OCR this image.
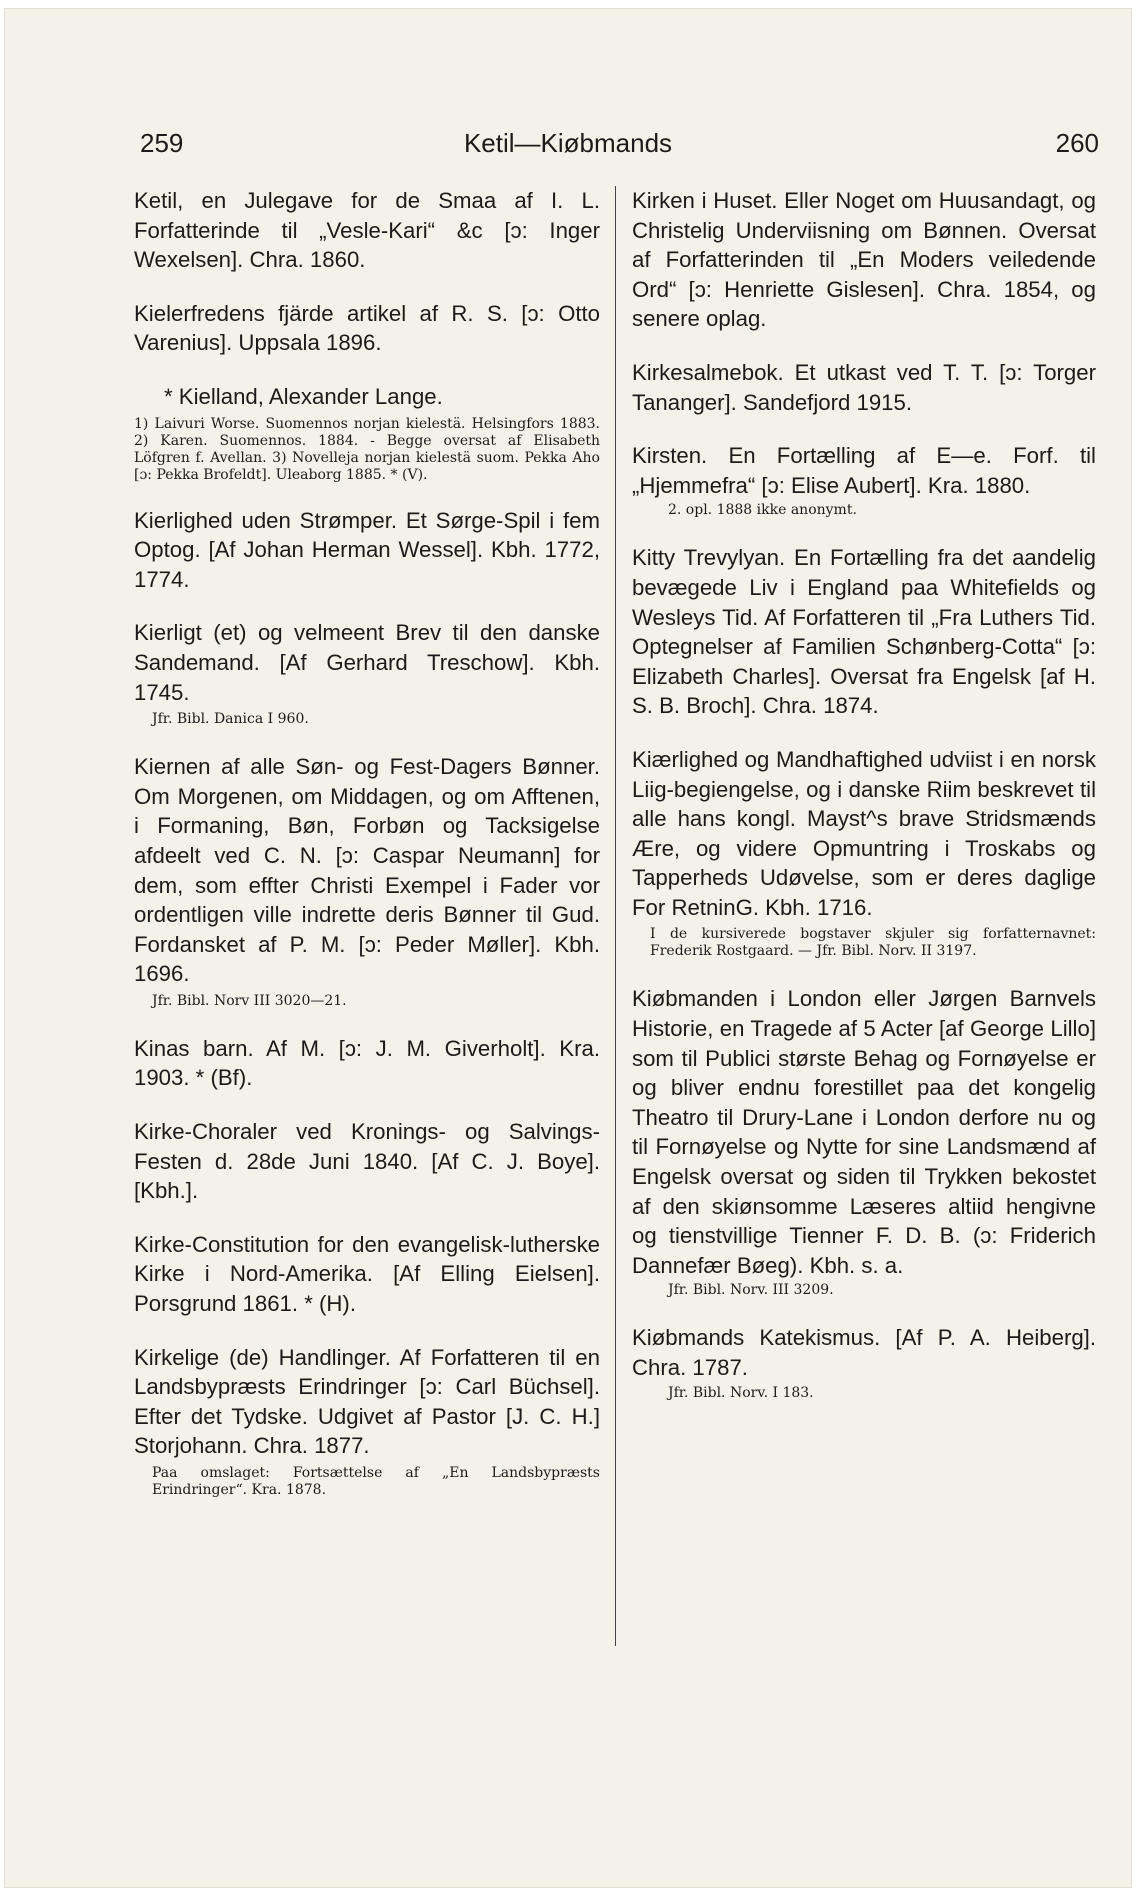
259	Ketil—Kiøbmands	260
Ketil, en Julegave for de Smaa af I. L. Forfatterinde til „Vesle-Kari“ &c [ɔ: Inger Wexelsen]. Chra. 1860.
Kielerfredens fjärde artikel af R. S. [ɔ: Otto Varenius]. Uppsala 1896.
* Kielland, Alexander Lange.
1) Laivuri Worse. Suomennos norjan kielestä. Helsingfors 1883. 2) Karen. Suomennos. 1884. - Begge oversat af Elisabeth Löfgren f. Avellan. 3) Novelleja norjan kielestä suom. Pekka Aho [ɔ: Pekka Brofeldt]. Uleaborg 1885. * (V).
Kierlighed uden Strømper. Et Sørge-Spil i fem Optog. [Af Johan Herman Wessel]. Kbh. 1772, 1774.
Kierligt (et) og velmeent Brev til den danske Sandemand. [Af Gerhard Treschow]. Kbh. 1745.
Jfr. Bibl. Danica I 960.
Kiernen af alle Søn- og Fest-Dagers Bønner. Om Morgenen, om Middagen, og om Afftenen, i Formaning, Bøn, Forbøn og Tacksigelse afdeelt ved C. N. [ɔ: Caspar Neumann] for dem, som effter Christi Exempel i Fader vor ordentligen ville indrette deris Bønner til Gud. Fordansket af P. M. [ɔ: Peder Møller]. Kbh. 1696.
Jfr. Bibl. Norv III 3020—21.
Kinas barn. Af M. [ɔ: J. M. Giverholt]. Kra. 1903. * (Bf).
Kirke-Choraler ved Kronings- og Salvings-Festen d. 28de Juni 1840. [Af C. J. Boye]. [Kbh.].
Kirke-Constitution for den evangelisk-lutherske Kirke i Nord-Amerika. [Af Elling Eielsen]. Porsgrund 1861. * (H).
Kirkelige (de) Handlinger. Af Forfatteren til en Landsbypræsts Erindringer [ɔ: Carl Büchsel]. Efter det Tydske. Udgivet af Pastor [J. C. H.] Storjohann. Chra. 1877.
Paa omslaget: Fortsættelse af „En Landsbypræsts Erindringer“. Kra. 1878.
Kirken i Huset. Eller Noget om Huusandagt, og Christelig Underviisning om Bønnen. Oversat af Forfatterinden til „En Moders veiledende Ord“ [ɔ: Henriette Gislesen]. Chra. 1854, og senere oplag.
Kirkesalmebok. Et utkast ved T. T. [ɔ: Torger Tananger]. Sandefjord 1915.
Kirsten. En Fortælling af E—e. Forf. til „Hjemmefra“ [ɔ: Elise Aubert]. Kra. 1880.
2. opl. 1888 ikke anonymt.
Kitty Trevylyan. En Fortælling fra det aandelig bevægede Liv i England paa Whitefields og Wesleys Tid. Af Forfatteren til „Fra Luthers Tid. Optegnelser af Familien Schønberg-Cotta“ [ɔ: Elizabeth Charles]. Oversat fra Engelsk [af H. S. B. Broch]. Chra. 1874.
Kiærlighed og Mandhaftighed udviist i en norsk Liig-begiengelse, og i danske Riim beskrevet til alle hans kongl. Mayst^s brave Stridsmænds Ære, og videre Opmuntring i Troskabs og Tapperheds Udøvelse, som er deres daglige For RetninG. Kbh. 1716.
I de kursiverede bogstaver skjuler sig forfatternavnet: Frederik Rostgaard. — Jfr. Bibl. Norv. II 3197.
Kiøbmanden i London eller Jørgen Barnvels Historie, en Tragede af 5 Acter [af George Lillo] som til Publici største Behag og Fornøyelse er og bliver endnu forestillet paa det kongelig Theatro til Drury-Lane i London derfore nu og til Fornøyelse og Nytte for sine Landsmænd af Engelsk oversat og siden til Trykken bekostet af den skiønsomme Læseres altiid hengivne og tienstvillige Tienner F. D. B. (ɔ: Friderich Dannefær Bøeg). Kbh. s. a.
Jfr. Bibl. Norv. III 3209.
Kiøbmands Katekismus. [Af P. A. Heiberg]. Chra. 1787.
Jfr. Bibl. Norv. I 183.
